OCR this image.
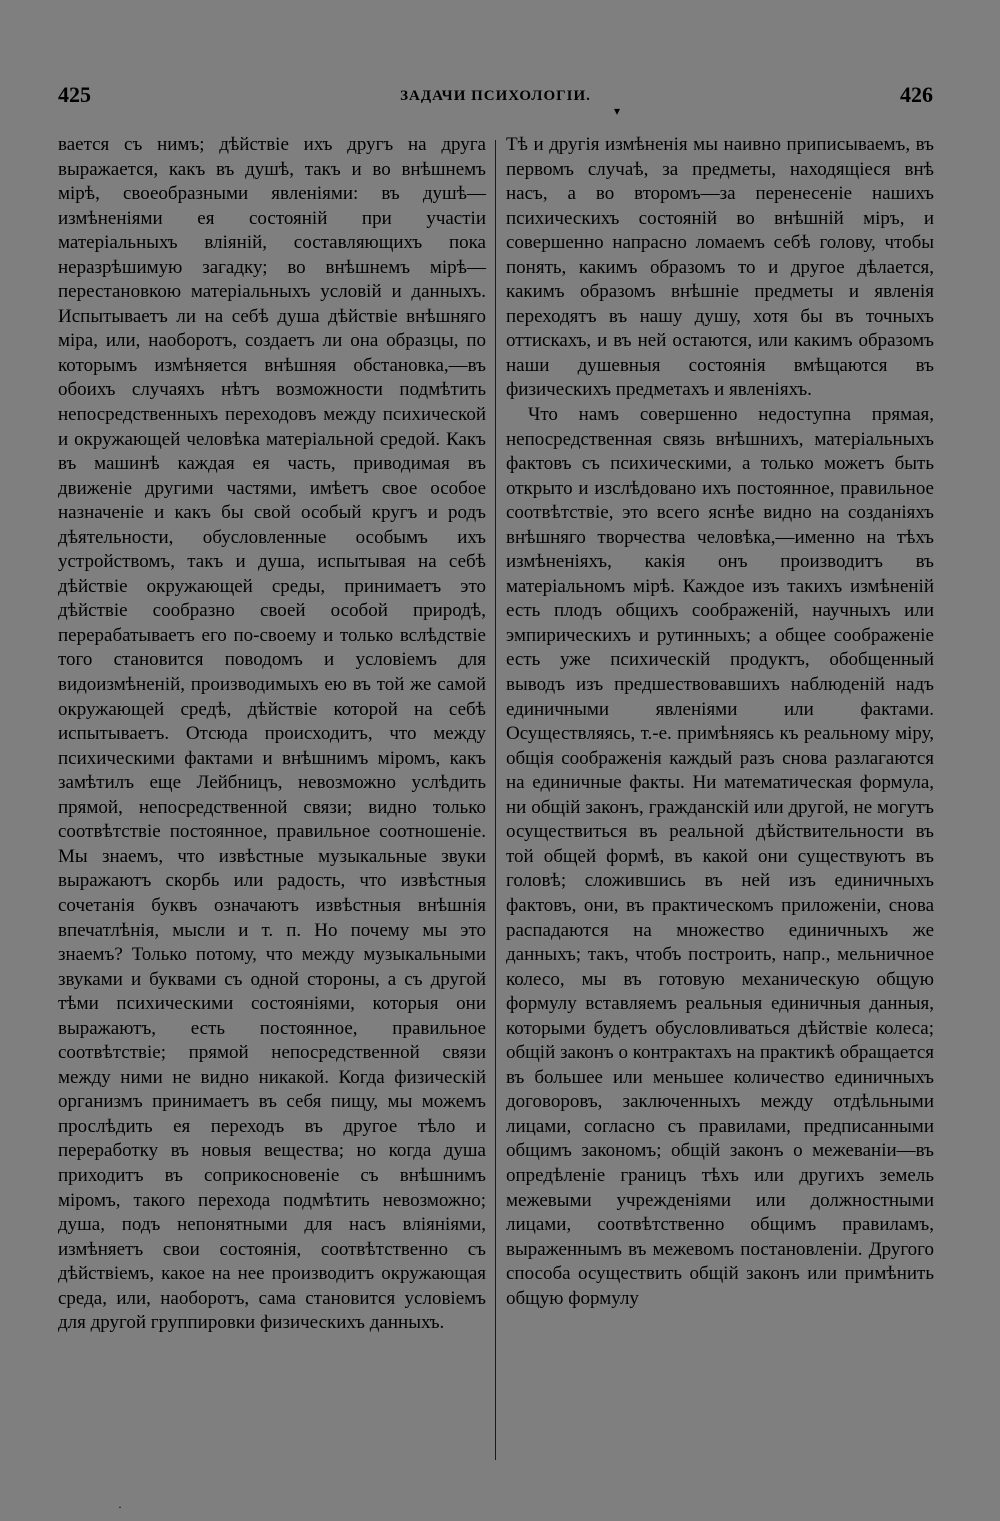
425	ЗАДАЧИ ПСИХОЛОГІИ.	426
▾

вается съ нимъ; дѣйствіе ихъ другъ на друга выражается, какъ въ душѣ, такъ и во внѣшнемъ мірѣ, своеобразными явленіями: въ душѣ—измѣненіями ея состояній при участіи матеріальныхъ вліяній, составляющихъ пока неразрѣшимую загадку; во внѣшнемъ мірѣ—перестановкою матеріальныхъ условій и данныхъ. Испытываетъ ли на себѣ душа дѣйствіе внѣшняго міра, или, наоборотъ, создаетъ ли она образцы, по которымъ измѣняется внѣшняя обстановка,—въ обоихъ случаяхъ нѣтъ возможности подмѣтить непосредственныхъ переходовъ между психической и окружающей человѣка матеріальной средой. Какъ въ машинѣ каждая ея часть, приводимая въ движеніе другими частями, имѣетъ свое особое назначеніе и какъ бы свой особый кругъ и родъ дѣятельности, обусловленные особымъ ихъ устройствомъ, такъ и душа, испытывая на себѣ дѣйствіе окружающей среды, принимаетъ это дѣйствіе сообразно своей особой природѣ, перерабатываетъ его по-своему и только вслѣдствіе того становится поводомъ и условіемъ для видоизмѣненій, производимыхъ ею въ той же самой окружающей средѣ, дѣйствіе которой на себѣ испытываетъ. Отсюда происходитъ, что между психическими фактами и внѣшнимъ міромъ, какъ замѣтилъ еще Лейбницъ, невозможно услѣдить прямой, непосредственной связи; видно только соотвѣтствіе постоянное, правильное соотношеніе. Мы знаемъ, что извѣстные музыкальные звуки выражаютъ скорбь или радость, что извѣстныя сочетанія буквъ означаютъ извѣстныя внѣшнія впечатлѣнія, мысли и т. п. Но почему мы это знаемъ? Только потому, что между музыкальными звуками и буквами съ одной стороны, а съ другой тѣми психическими состояніями, которыя они выражаютъ, есть постоянное, правильное соотвѣтствіе; прямой непосредственной связи между ними не видно никакой. Когда физическій организмъ принимаетъ въ себя пищу, мы можемъ прослѣдить ея переходъ въ другое тѣло и переработку въ новыя вещества; но когда душа приходитъ въ соприкосновеніе съ внѣшнимъ міромъ, такого перехода подмѣтить невозможно; душа, подъ непонятными для насъ вліяніями, измѣняетъ свои состоянія, соотвѣтственно съ дѣйствіемъ, какое на нее производитъ окружающая среда, или, наоборотъ, сама становится условіемъ для другой группировки физическихъ данныхъ.

Тѣ и другія измѣненія мы наивно приписываемъ, въ первомъ случаѣ, за предметы, находящіеся внѣ насъ, а во второмъ—за перенесеніе нашихъ психическихъ состояній во внѣшній міръ, и совершенно напрасно ломаемъ себѣ голову, чтобы понять, какимъ образомъ то и другое дѣлается, какимъ образомъ внѣшніе предметы и явленія переходятъ въ нашу душу, хотя бы въ точныхъ оттискахъ, и въ ней остаются, или какимъ образомъ наши душевныя состоянія вмѣщаются въ физическихъ предметахъ и явленіяхъ.

Что намъ совершенно недоступна прямая, непосредственная связь внѣшнихъ, матеріальныхъ фактовъ съ психическими, а только можетъ быть открыто и изслѣдовано ихъ постоянное, правильное соотвѣтствіе, это всего яснѣе видно на созданіяхъ внѣшняго творчества человѣка,—именно на тѣхъ измѣненіяхъ, какія онъ производитъ въ матеріальномъ мірѣ. Каждое изъ такихъ измѣненій есть плодъ общихъ соображеній, научныхъ или эмпирическихъ и рутинныхъ; а общее соображеніе есть уже психическій продуктъ, обобщенный выводъ изъ предшествовавшихъ наблюденій надъ единичными явленіями или фактами. Осуществляясь, т.-е. примѣняясь къ реальному міру, общія соображенія каждый разъ снова разлагаются на единичные факты. Ни математическая формула, ни общій законъ, гражданскій или другой, не могутъ осуществиться въ реальной дѣйствительности въ той общей формѣ, въ какой они существуютъ въ головѣ; сложившись въ ней изъ единичныхъ фактовъ, они, въ практическомъ приложеніи, снова распадаются на множество единичныхъ же данныхъ; такъ, чтобъ построить, напр., мельничное колесо, мы въ готовую механическую общую формулу вставляемъ реальныя единичныя данныя, которыми будетъ обусловливаться дѣйствіе колеса; общій законъ о контрактахъ на практикѣ обращается въ большее или меньшее количество единичныхъ договоровъ, заключенныхъ между отдѣльными лицами, согласно съ правилами, предписанными общимъ закономъ; общій законъ о межеваніи—въ опредѣленіе границъ тѣхъ или другихъ земель межевыми учрежденіями или должностными лицами, соотвѣтственно общимъ правиламъ, выраженнымъ въ межевомъ постановленіи. Другого способа осуществить общій законъ или примѣнить общую формулу

·
